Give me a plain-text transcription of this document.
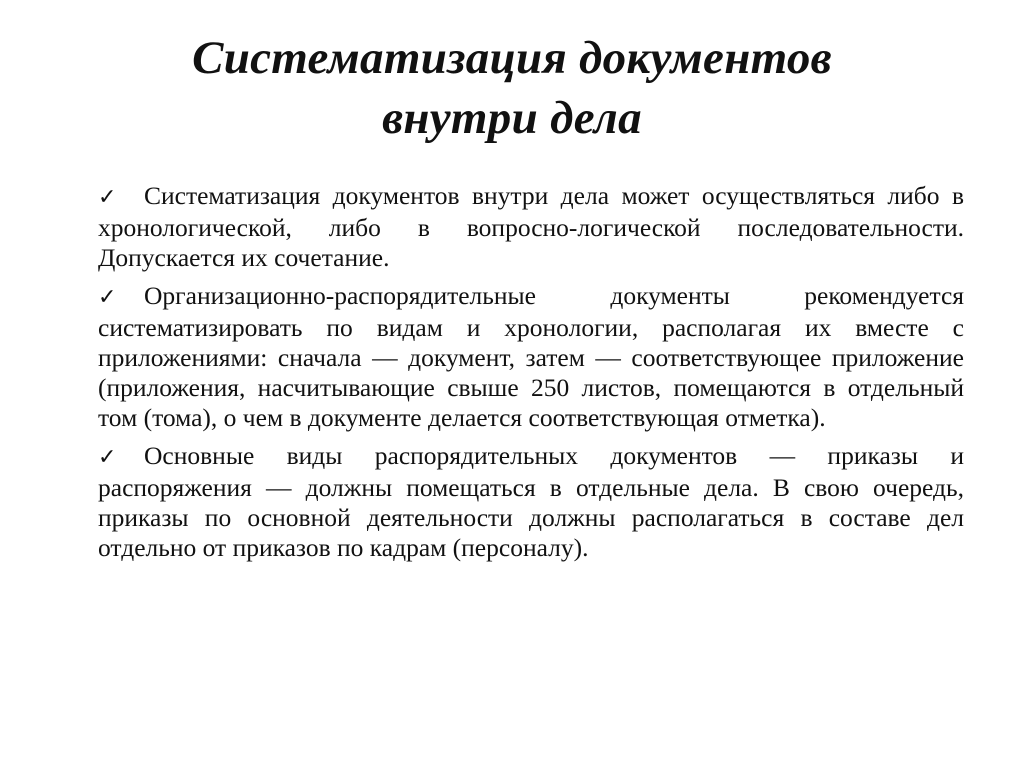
Систематизация документов
внутри дела
✓ Систематизация документов внутри дела может осуществляться либо в хронологической, либо в вопросно-логической последовательности. Допускается их сочетание.
✓ Организационно-распорядительные документы рекомендуется систематизировать по видам и хронологии, располагая их вместе с приложениями: сначала — документ, затем — соответствующее приложение (приложения, насчитывающие свыше 250 листов, помещаются в отдельный том (тома), о чем в документе делается соответствующая отметка).
✓ Основные виды распорядительных документов — приказы и распоряжения — должны помещаться в отдельные дела. В свою очередь, приказы по основной деятельности должны располагаться в составе дел отдельно от приказов по кадрам (персоналу).
